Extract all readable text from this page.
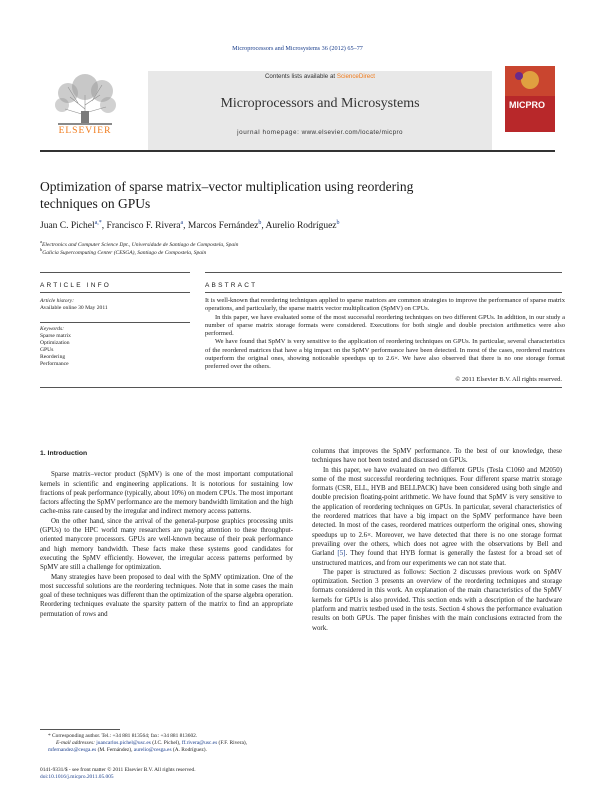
Microprocessors and Microsystems 36 (2012) 65–77
Contents lists available at ScienceDirect
Microprocessors and Microsystems
journal homepage: www.elsevier.com/locate/micpro
ELSEVIER
MICPRO
Optimization of sparse matrix–vector multiplication using reordering
techniques on GPUs
Juan C. Pichel$^{a,*}$, Francisco F. Rivera$^a$, Marcos Fernández$^b$, Aurelio Rodríguez$^b$
$^a$Electronics and Computer Science Dpt., Universidade de Santiago de Compostela, Spain
$^b$Galicia Supercomputing Center (CESGA), Santiago de Compostela, Spain
ARTICLE INFO	ABSTRACT
Article history:
Available online 30 May 2011
Keywords:
Sparse matrix
Optimization
GPUs
Reordering
Performance

It is well-known that reordering techniques applied to sparse matrices are common strategies to improve the performance of sparse matrix operations, and particularly, the sparse matrix vector multiplication (SpMV) on CPUs.

In this paper, we have evaluated some of the most successful reordering techniques on two different GPUs. In addition, in our study a number of sparse matrix storage formats were considered. Executions for both single and double precision arithmetics were also performed.

We have found that SpMV is very sensitive to the application of reordering techniques on GPUs. In particular, several characteristics of the reordered matrices that have a big impact on the SpMV performance have been detected. In most of the cases, reordered matrices outperform the original ones, showing noticeable speedups up to 2.6×. We have also observed that there is no one storage format preferred over the others.

© 2011 Elsevier B.V. All rights reserved.
1. Introduction

Sparse matrix–vector product (SpMV) is one of the most important computational kernels in scientific and engineering applications. It is notorious for sustaining low fractions of peak performance (typically, about 10%) on modern CPUs. The most important factors affecting the SpMV performance are the memory bandwidth limitation and the high cache-miss rate caused by the irregular and indirect memory access patterns.

On the other hand, since the arrival of the general-purpose graphics processing units (GPUs) to the HPC world many researchers are paying attention to these throughput-oriented manycore processors. GPUs are well-known because of their peak performance and high memory bandwidth. These facts make these systems good candidates for executing the SpMV efficiently. However, the irregular access patterns performed by SpMV are still a challenge for optimization.

Many strategies have been proposed to deal with the SpMV optimization. One of the most successful solutions are the reordering techniques. Note that in some cases the main goal of these techniques was different than the optimization of the sparse algebra operation. Reordering techniques evaluate the sparsity pattern of the matrix to find an appropriate permutation of rows and

columns that improves the SpMV performance. To the best of our knowledge, these techniques have not been tested and discussed on GPUs.

In this paper, we have evaluated on two different GPUs (Tesla C1060 and M2050) some of the most successful reordering techniques. Four different sparse matrix storage formats (CSR, ELL, HYB and BELLPACK) have been considered using both single and double precision floating-point arithmetic. We have found that SpMV is very sensitive to the application of reordering techniques on GPUs. In particular, several characteristics of the reordered matrices that have a big impact on the SpMV performance have been detected. In most of the cases, reordered matrices outperform the original ones, showing speedups up to 2.6×. Moreover, we have detected that there is no one storage format prevailing over the others, which does not agree with the observations by Bell and Garland [5]. They found that HYB format is generally the fastest for a broad set of unstructured matrices, and from our experiments we can not state that.

The paper is structured as follows: Section 2 discusses previous work on SpMV optimization. Section 3 presents an overview of the reordering techniques and storage formats considered in this work. An explanation of the main characteristics of the SpMV kernels for GPUs is also provided. This section ends with a description of the hardware platform and matrix testbed used in the tests. Section 4 shows the performance evaluation results on both GPUs. The paper finishes with the main conclusions extracted from the work.

* Corresponding author. Tel.: +34 881 813564; fax: +34 881 813602.
E-mail addresses: juancarlos.pichel@usc.es (J.C. Pichel), ff.rivera@usc.es (F.F. Rivera), mfernandez@cesga.es (M. Fernández), aurelio@cesga.es (A. Rodríguez).
0141-9331/$ - see front matter © 2011 Elsevier B.V. All rights reserved.
doi:10.1016/j.micpro.2011.05.005
